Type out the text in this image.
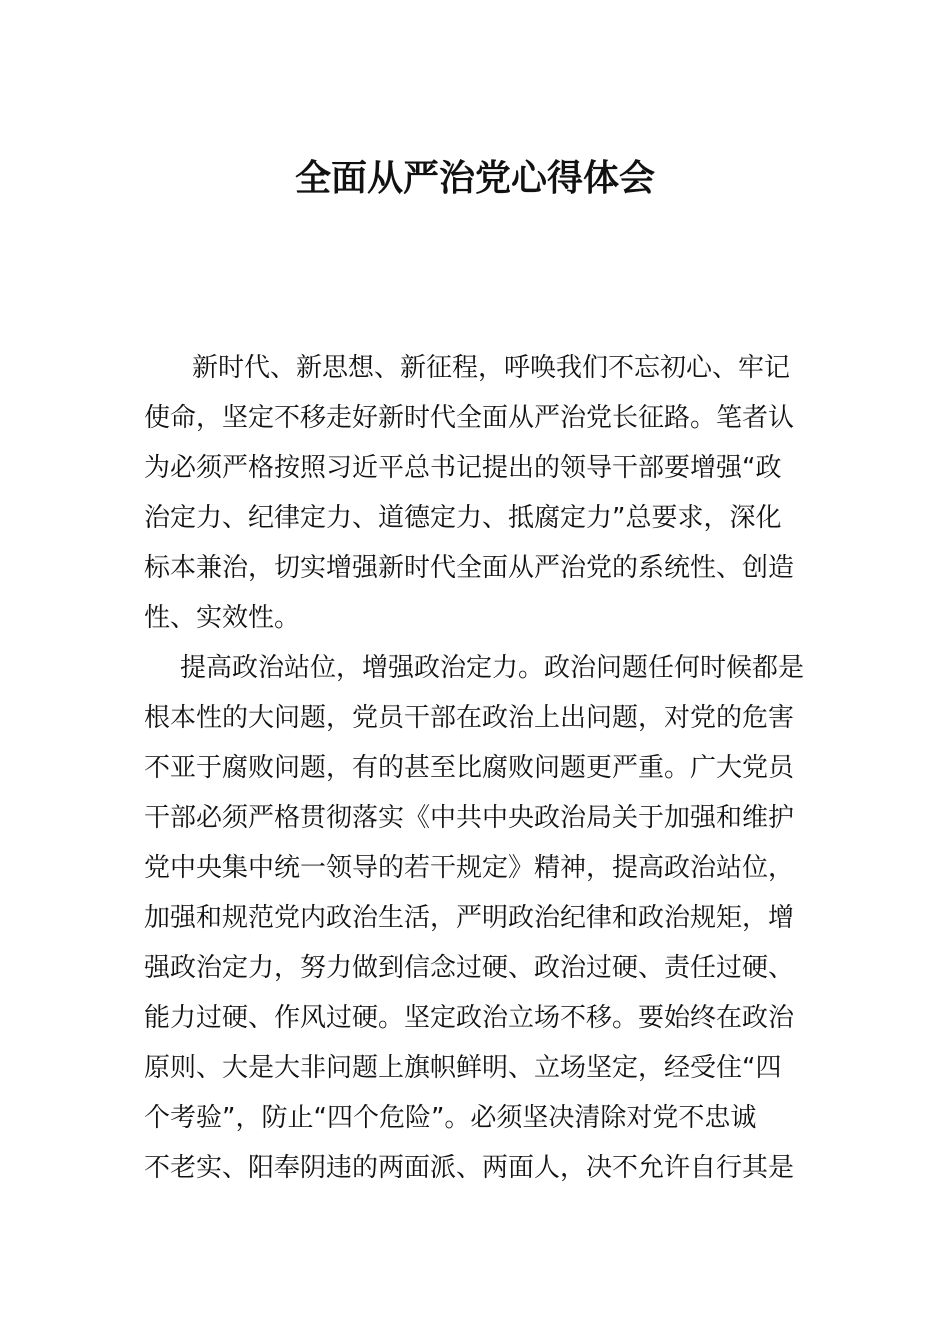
全面从严治党心得体会
新时代、新思想、新征程，呼唤我们不忘初心、牢记
使命，坚定不移走好新时代全面从严治党长征路。笔者认
为必须严格按照习近平总书记提出的领导干部要增强“政
治定力、纪律定力、道德定力、抵腐定力”总要求，深化
标本兼治，切实增强新时代全面从严治党的系统性、创造
性、实效性。
提高政治站位，增强政治定力。政治问题任何时候都是
根本性的大问题，党员干部在政治上出问题，对党的危害
不亚于腐败问题，有的甚至比腐败问题更严重。广大党员
干部必须严格贯彻落实《中共中央政治局关于加强和维护
党中央集中统一领导的若干规定》精神，提高政治站位，
加强和规范党内政治生活，严明政治纪律和政治规矩，增
强政治定力，努力做到信念过硬、政治过硬、责任过硬、
能力过硬、作风过硬。坚定政治立场不移。要始终在政治
原则、大是大非问题上旗帜鲜明、立场坚定，经受住“四
个考验”，防止“四个危险”。必须坚决清除对党不忠诚
不老实、阳奉阴违的两面派、两面人，决不允许自行其是
